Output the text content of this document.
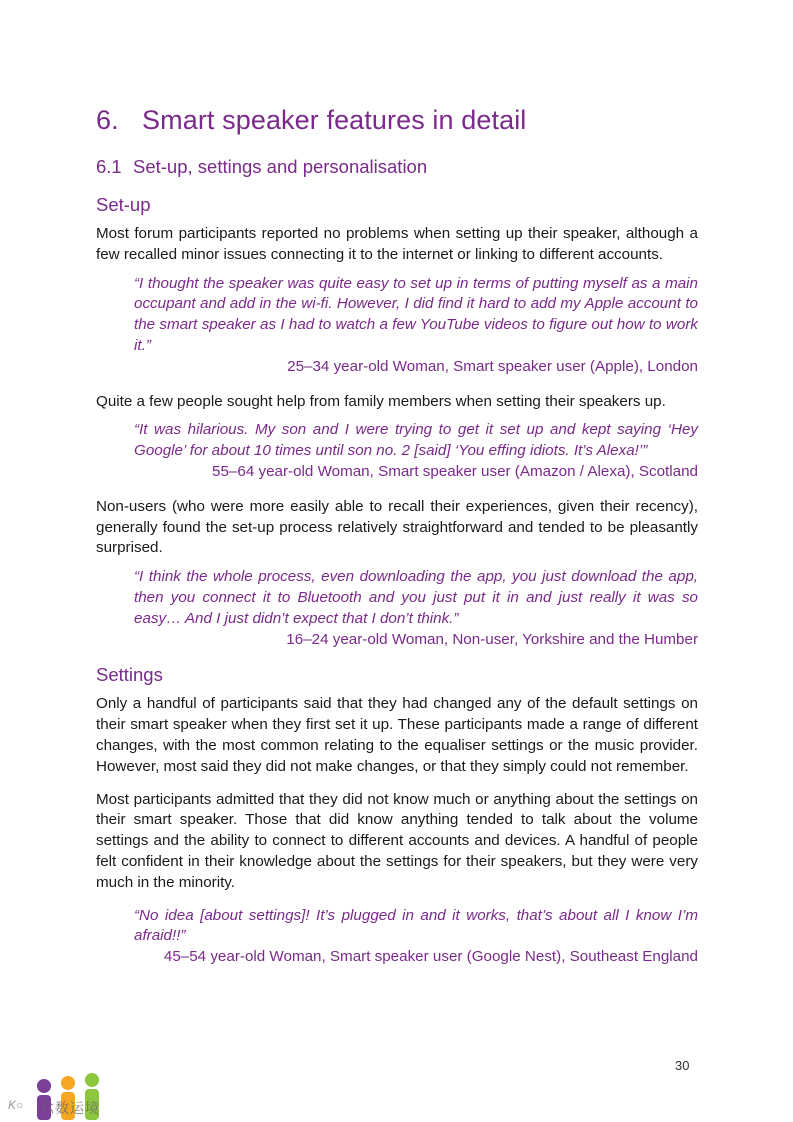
6. Smart speaker features in detail
6.1 Set-up, settings and personalisation
Set-up

Most forum participants reported no problems when setting up their speaker, although a few recalled minor issues connecting it to the internet or linking to different accounts.

“I thought the speaker was quite easy to set up in terms of putting myself as a main occupant and add in the wi-fi. However, I did find it hard to add my Apple account to the smart speaker as I had to watch a few YouTube videos to figure out how to work it.”

25–34 year-old Woman, Smart speaker user (Apple), London

Quite a few people sought help from family members when setting their speakers up.

“It was hilarious. My son and I were trying to get it set up and kept saying ‘Hey Google’ for about 10 times until son no. 2 [said] ‘You effing idiots. It’s Alexa!’”

55–64 year-old Woman, Smart speaker user (Amazon / Alexa), Scotland

Non-users (who were more easily able to recall their experiences, given their recency), generally found the set-up process relatively straightforward and tended to be pleasantly surprised.

“I think the whole process, even downloading the app, you just download the app, then you connect it to Bluetooth and you just put it in and just really it was so easy… And I just didn’t expect that I don’t think.”

16–24 year-old Woman, Non-user, Yorkshire and the Humber

Settings

Only a handful of participants said that they had changed any of the default settings on their smart speaker when they first set it up. These participants made a range of different changes, with the most common relating to the equaliser settings or the music provider. However, most said they did not make changes, or that they simply could not remember.

Most participants admitted that they did not know much or anything about the settings on their smart speaker. Those that did know anything tended to talk about the volume settings and the ability to connect to different accounts and devices. A handful of people felt confident in their knowledge about the settings for their speakers, but they were very much in the minority.

“No idea [about settings]! It’s plugged in and it works, that’s about all I know I’m afraid!!”

45–54 year-old Woman, Smart speaker user (Google Nest), Southeast England

30
K○ 六数运境
